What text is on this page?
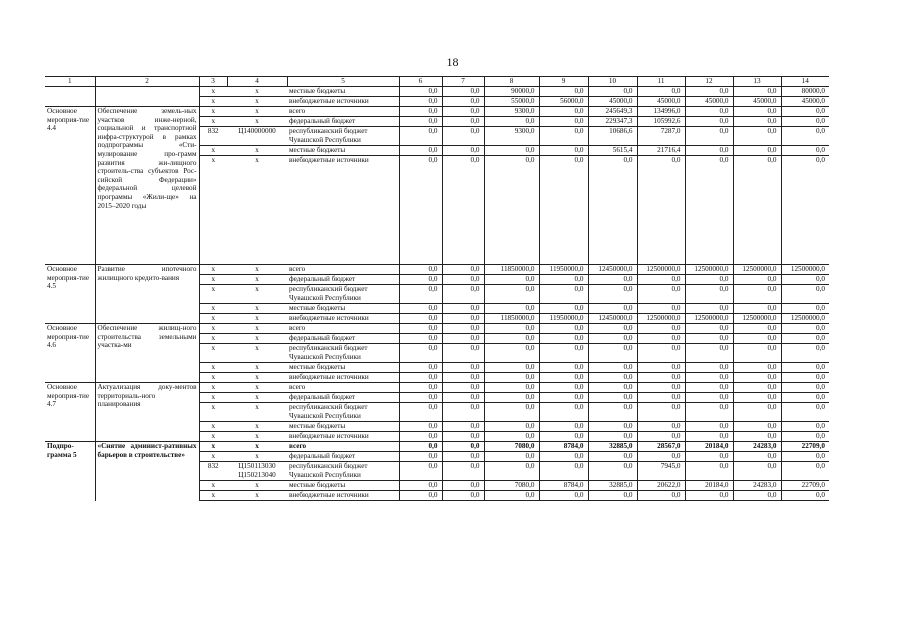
18
1	2	3	4	5	6	7	8	9	10	11	12	13	14
		x	x	местные бюджеты	0,0	0,0	90000,0	0,0	0,0	0,0	0,0	0,0	80000,0
		x	x	внебюджетные источники	0,0	0,0	55000,0	56000,0	45000,0	45000,0	45000,0	45000,0	45000,0
Основное мероприя-тие 4.4	Обеспечение земель-ных участков инже-нерной, социальной и транспортной инфра-структурой в рамках подпрограммы «Сти-мулирование про-грамм развития жи-лищного строитель-ства субъектов Рос-сийской Федерации» федеральной целевой программы «Жили-ще» на 2015–2020 годы	x	x	всего	0,0	0,0	9300,0	0,0	245649,3	134996,0	0,0	0,0	0,0
		x	x	федеральный бюджет	0,0	0,0	0,0	0,0	229347,3	105992,6	0,0	0,0	0,0
		832	Ц140000000	республиканский бюджет Чувашской Республики	0,0	0,0	9300,0	0,0	10686,6	7287,0	0,0	0,0	0,0
		x	x	местные бюджеты	0,0	0,0	0,0	0,0	5615,4	21716,4	0,0	0,0	0,0
		x	x	внебюджетные источники	0,0	0,0	0,0	0,0	0,0	0,0	0,0	0,0	0,0
Основное мероприя-тие 4.5	Развитие ипотечного жилищного кредито-вания	x	x	всего	0,0	0,0	11850000,0	11950000,0	12450000,0	12500000,0	12500000,0	12500000,0	12500000,0
		x	x	федеральный бюджет	0,0	0,0	0,0	0,0	0,0	0,0	0,0	0,0	0,0
		x	x	республиканский бюджет Чувашской Республики	0,0	0,0	0,0	0,0	0,0	0,0	0,0	0,0	0,0
		x	x	местные бюджеты	0,0	0,0	0,0	0,0	0,0	0,0	0,0	0,0	0,0
		x	x	внебюджетные источники	0,0	0,0	11850000,0	11950000,0	12450000,0	12500000,0	12500000,0	12500000,0	12500000,0
Основное мероприя-тие 4.6	Обеспечение жилищ-ного строительства земельными участка-ми	x	x	всего	0,0	0,0	0,0	0,0	0,0	0,0	0,0	0,0	0,0
		x	x	федеральный бюджет	0,0	0,0	0,0	0,0	0,0	0,0	0,0	0,0	0,0
		x	x	республиканский бюджет Чувашской Республики	0,0	0,0	0,0	0,0	0,0	0,0	0,0	0,0	0,0
		x	x	местные бюджеты	0,0	0,0	0,0	0,0	0,0	0,0	0,0	0,0	0,0
		x	x	внебюджетные источники	0,0	0,0	0,0	0,0	0,0	0,0	0,0	0,0	0,0
Основное мероприя-тие 4.7	Актуализация доку-ментов территориаль-ного планирования	x	x	всего	0,0	0,0	0,0	0,0	0,0	0,0	0,0	0,0	0,0
		x	x	федеральный бюджет	0,0	0,0	0,0	0,0	0,0	0,0	0,0	0,0	0,0
		x	x	республиканский бюджет Чувашской Республики	0,0	0,0	0,0	0,0	0,0	0,0	0,0	0,0	0,0
		x	x	местные бюджеты	0,0	0,0	0,0	0,0	0,0	0,0	0,0	0,0	0,0
		x	x	внебюджетные источники	0,0	0,0	0,0	0,0	0,0	0,0	0,0	0,0	0,0
Подпро-грамма 5	«Снятие админист-ративных барьеров в строительстве»	x	x	всего	0,0	0,0	7080,0	8784,0	32885,0	28567,0	20184,0	24283,0	22709,0
		x	x	федеральный бюджет	0,0	0,0	0,0	0,0	0,0	0,0	0,0	0,0	0,0
		832	Ц150113030 Ц150213040	республиканский бюджет Чувашской Республики	0,0	0,0	0,0	0,0	0,0	7945,0	0,0	0,0	0,0
		x	x	местные бюджеты	0,0	0,0	7080,0	8784,0	32885,0	20622,0	20184,0	24283,0	22709,0
		x	x	внебюджетные источники	0,0	0,0	0,0	0,0	0,0	0,0	0,0	0,0	0,0
